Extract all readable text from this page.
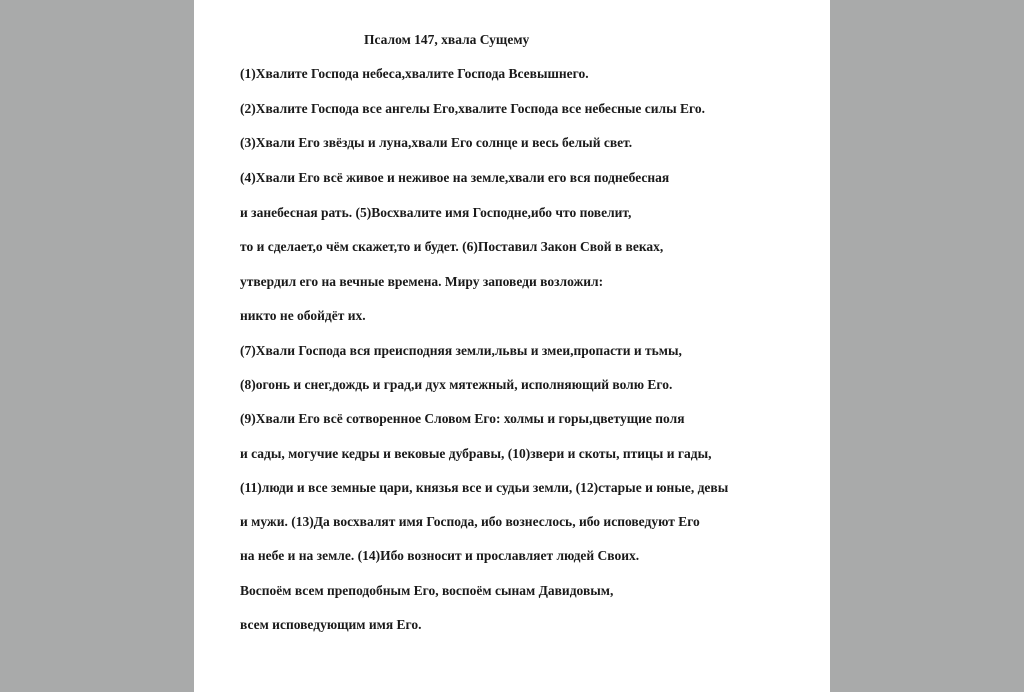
Псалом 147, хвала Сущему
(1)Хвалите Господа небеса,хвалите Господа Всевышнего.
(2)Хвалите Господа все ангелы Его,хвалите Господа все небесные силы Его.
(3)Хвали Его звёзды и луна,хвали Его солнце и весь белый свет.
(4)Хвали Его всё живое и неживое на земле,хвали его вся поднебесная
и занебесная рать. (5)Восхвалите имя Господне,ибо что повелит,
то и сделает,о чём скажет,то и будет. (6)Поставил Закон Свой в веках,
утвердил его на вечные времена. Миру заповеди возложил:
никто не обойдёт их.
(7)Хвали Господа вся преисподняя земли,львы и змеи,пропасти и тьмы,
(8)огонь и снег,дождь и град,и дух мятежный, исполняющий волю Его.
(9)Хвали Его всё сотворенное Словом Его: холмы и горы,цветущие поля
и сады, могучие кедры и вековые дубравы, (10)звери и скоты, птицы и гады,
(11)люди и все земные цари, князья все и судьи земли, (12)старые и юные, девы
и мужи. (13)Да восхвалят имя Господа, ибо вознеслось, ибо исповедуют Его
на небе и на земле. (14)Ибо возносит и прославляет людей Своих.
Воспоём всем преподобным Его, воспоём сынам Давидовым,
всем исповедующим имя Его.
